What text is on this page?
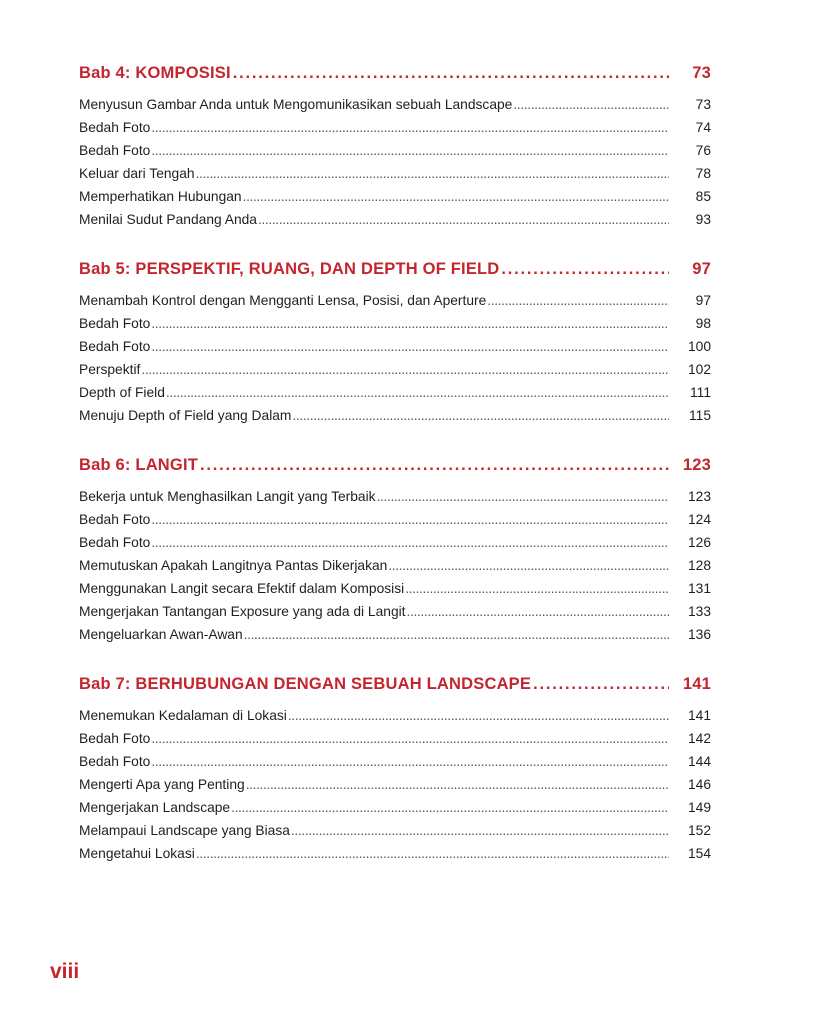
Bab 4: KOMPOSISI . . .	73
Menyusun Gambar Anda untuk Mengomunikasikan sebuah Landscape . . .	73
Bedah Foto . . .	74
Bedah Foto . . .	76
Keluar dari Tengah . . .	78
Memperhatikan Hubungan . . .	85
Menilai Sudut Pandang Anda . . .	93
Bab 5: PERSPEKTIF, RUANG, DAN DEPTH OF FIELD . . .	97
Menambah Kontrol dengan Mengganti Lensa, Posisi, dan Aperture . . .	97
Bedah Foto . . .	98
Bedah Foto . . .	100
Perspektif . . .	102
Depth of Field . . .	111
Menuju Depth of Field yang Dalam . . .	115
Bab 6: LANGIT . . .	123
Bekerja untuk Menghasilkan Langit yang Terbaik . . .	123
Bedah Foto . . .	124
Bedah Foto . . .	126
Memutuskan Apakah Langitnya Pantas Dikerjakan . . .	128
Menggunakan Langit secara Efektif dalam Komposisi . . .	131
Mengerjakan Tantangan Exposure yang ada di Langit . . .	133
Mengeluarkan Awan-Awan . . .	136
Bab 7: BERHUBUNGAN DENGAN SEBUAH LANDSCAPE . . .	141
Menemukan Kedalaman di Lokasi . . .	141
Bedah Foto . . .	142
Bedah Foto . . .	144
Mengerti Apa yang Penting . . .	146
Mengerjakan Landscape . . .	149
Melampaui Landscape yang Biasa . . .	152
Mengetahui Lokasi . . .	154
viii
